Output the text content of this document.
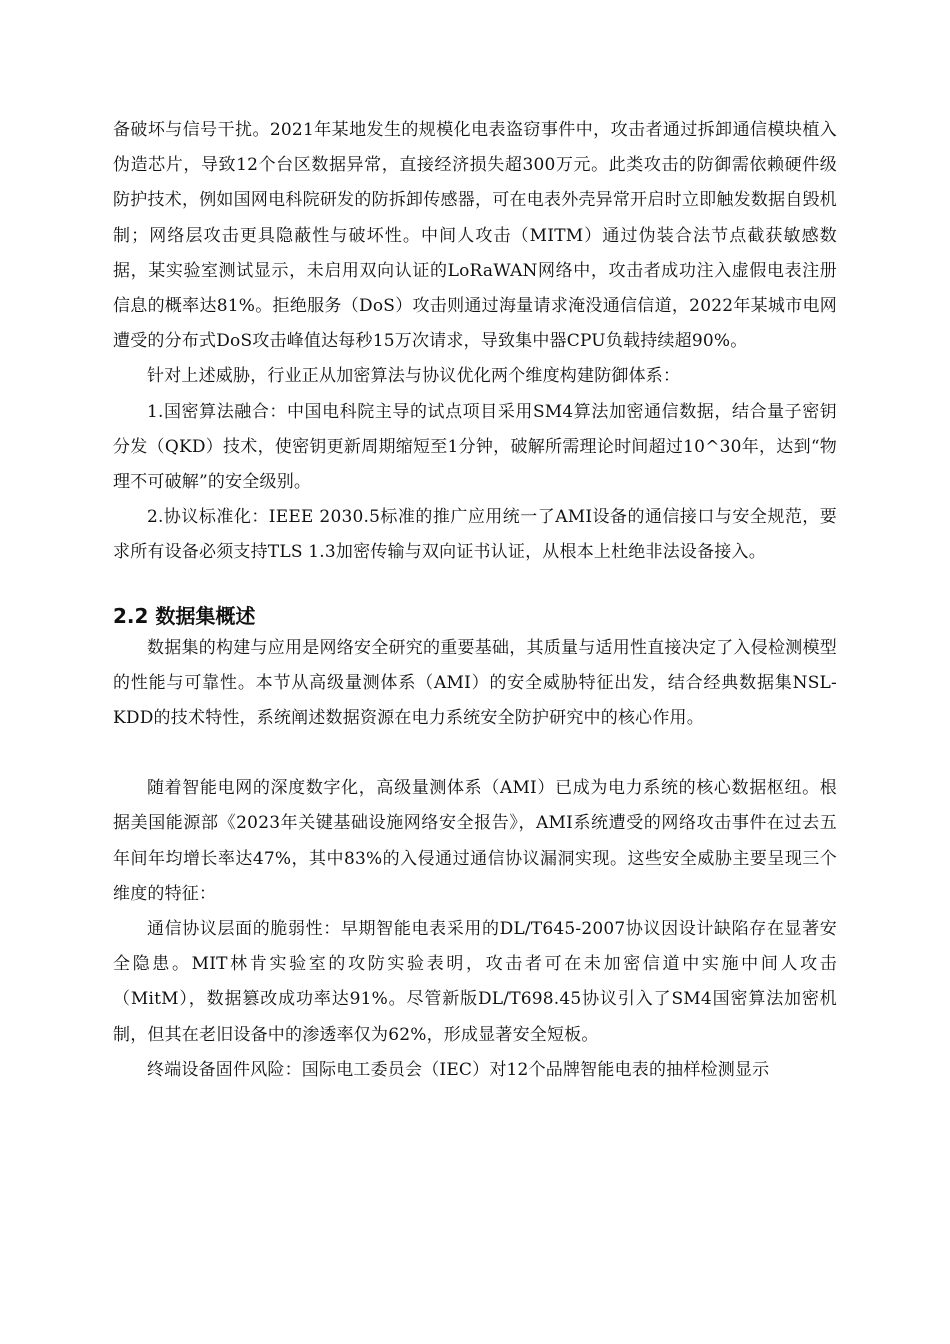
备破坏与信号干扰。2021年某地发生的规模化电表盗窃事件中，攻击者通过拆卸通信模块植入伪造芯片，导致12个台区数据异常，直接经济损失超300万元。此类攻击的防御需依赖硬件级防护技术，例如国网电科院研发的防拆卸传感器，可在电表外壳异常开启时立即触发数据自毁机制；网络层攻击更具隐蔽性与破坏性。中间人攻击（MITM）通过伪装合法节点截获敏感数据，某实验室测试显示，未启用双向认证的LoRaWAN网络中，攻击者成功注入虚假电表注册信息的概率达81%。拒绝服务（DoS）攻击则通过海量请求淹没通信信道，2022年某城市电网遭受的分布式DoS攻击峰值达每秒15万次请求，导致集中器CPU负载持续超90%。

针对上述威胁，行业正从加密算法与协议优化两个维度构建防御体系：

1.国密算法融合：中国电科院主导的试点项目采用SM4算法加密通信数据，结合量子密钥分发（QKD）技术，使密钥更新周期缩短至1分钟，破解所需理论时间超过10^30年，达到“物理不可破解”的安全级别。

2.协议标准化：IEEE 2030.5标准的推广应用统一了AMI设备的通信接口与安全规范，要求所有设备必须支持TLS 1.3加密传输与双向证书认证，从根本上杜绝非法设备接入。

2.2 数据集概述

数据集的构建与应用是网络安全研究的重要基础，其质量与适用性直接决定了入侵检测模型的性能与可靠性。本节从高级量测体系（AMI）的安全威胁特征出发，结合经典数据集NSL-KDD的技术特性，系统阐述数据资源在电力系统安全防护研究中的核心作用。

随着智能电网的深度数字化，高级量测体系（AMI）已成为电力系统的核心数据枢纽。根据美国能源部《2023年关键基础设施网络安全报告》，AMI系统遭受的网络攻击事件在过去五年间年均增长率达47%，其中83%的入侵通过通信协议漏洞实现。这些安全威胁主要呈现三个维度的特征：

通信协议层面的脆弱性：早期智能电表采用的DL/T645-2007协议因设计缺陷存在显著安全隐患。MIT林肯实验室的攻防实验表明，攻击者可在未加密信道中实施中间人攻击（MitM），数据篡改成功率达91%。尽管新版DL/T698.45协议引入了SM4国密算法加密机制，但其在老旧设备中的渗透率仅为62%，形成显著安全短板。

终端设备固件风险：国际电工委员会（IEC）对12个品牌智能电表的抽样检测显示
